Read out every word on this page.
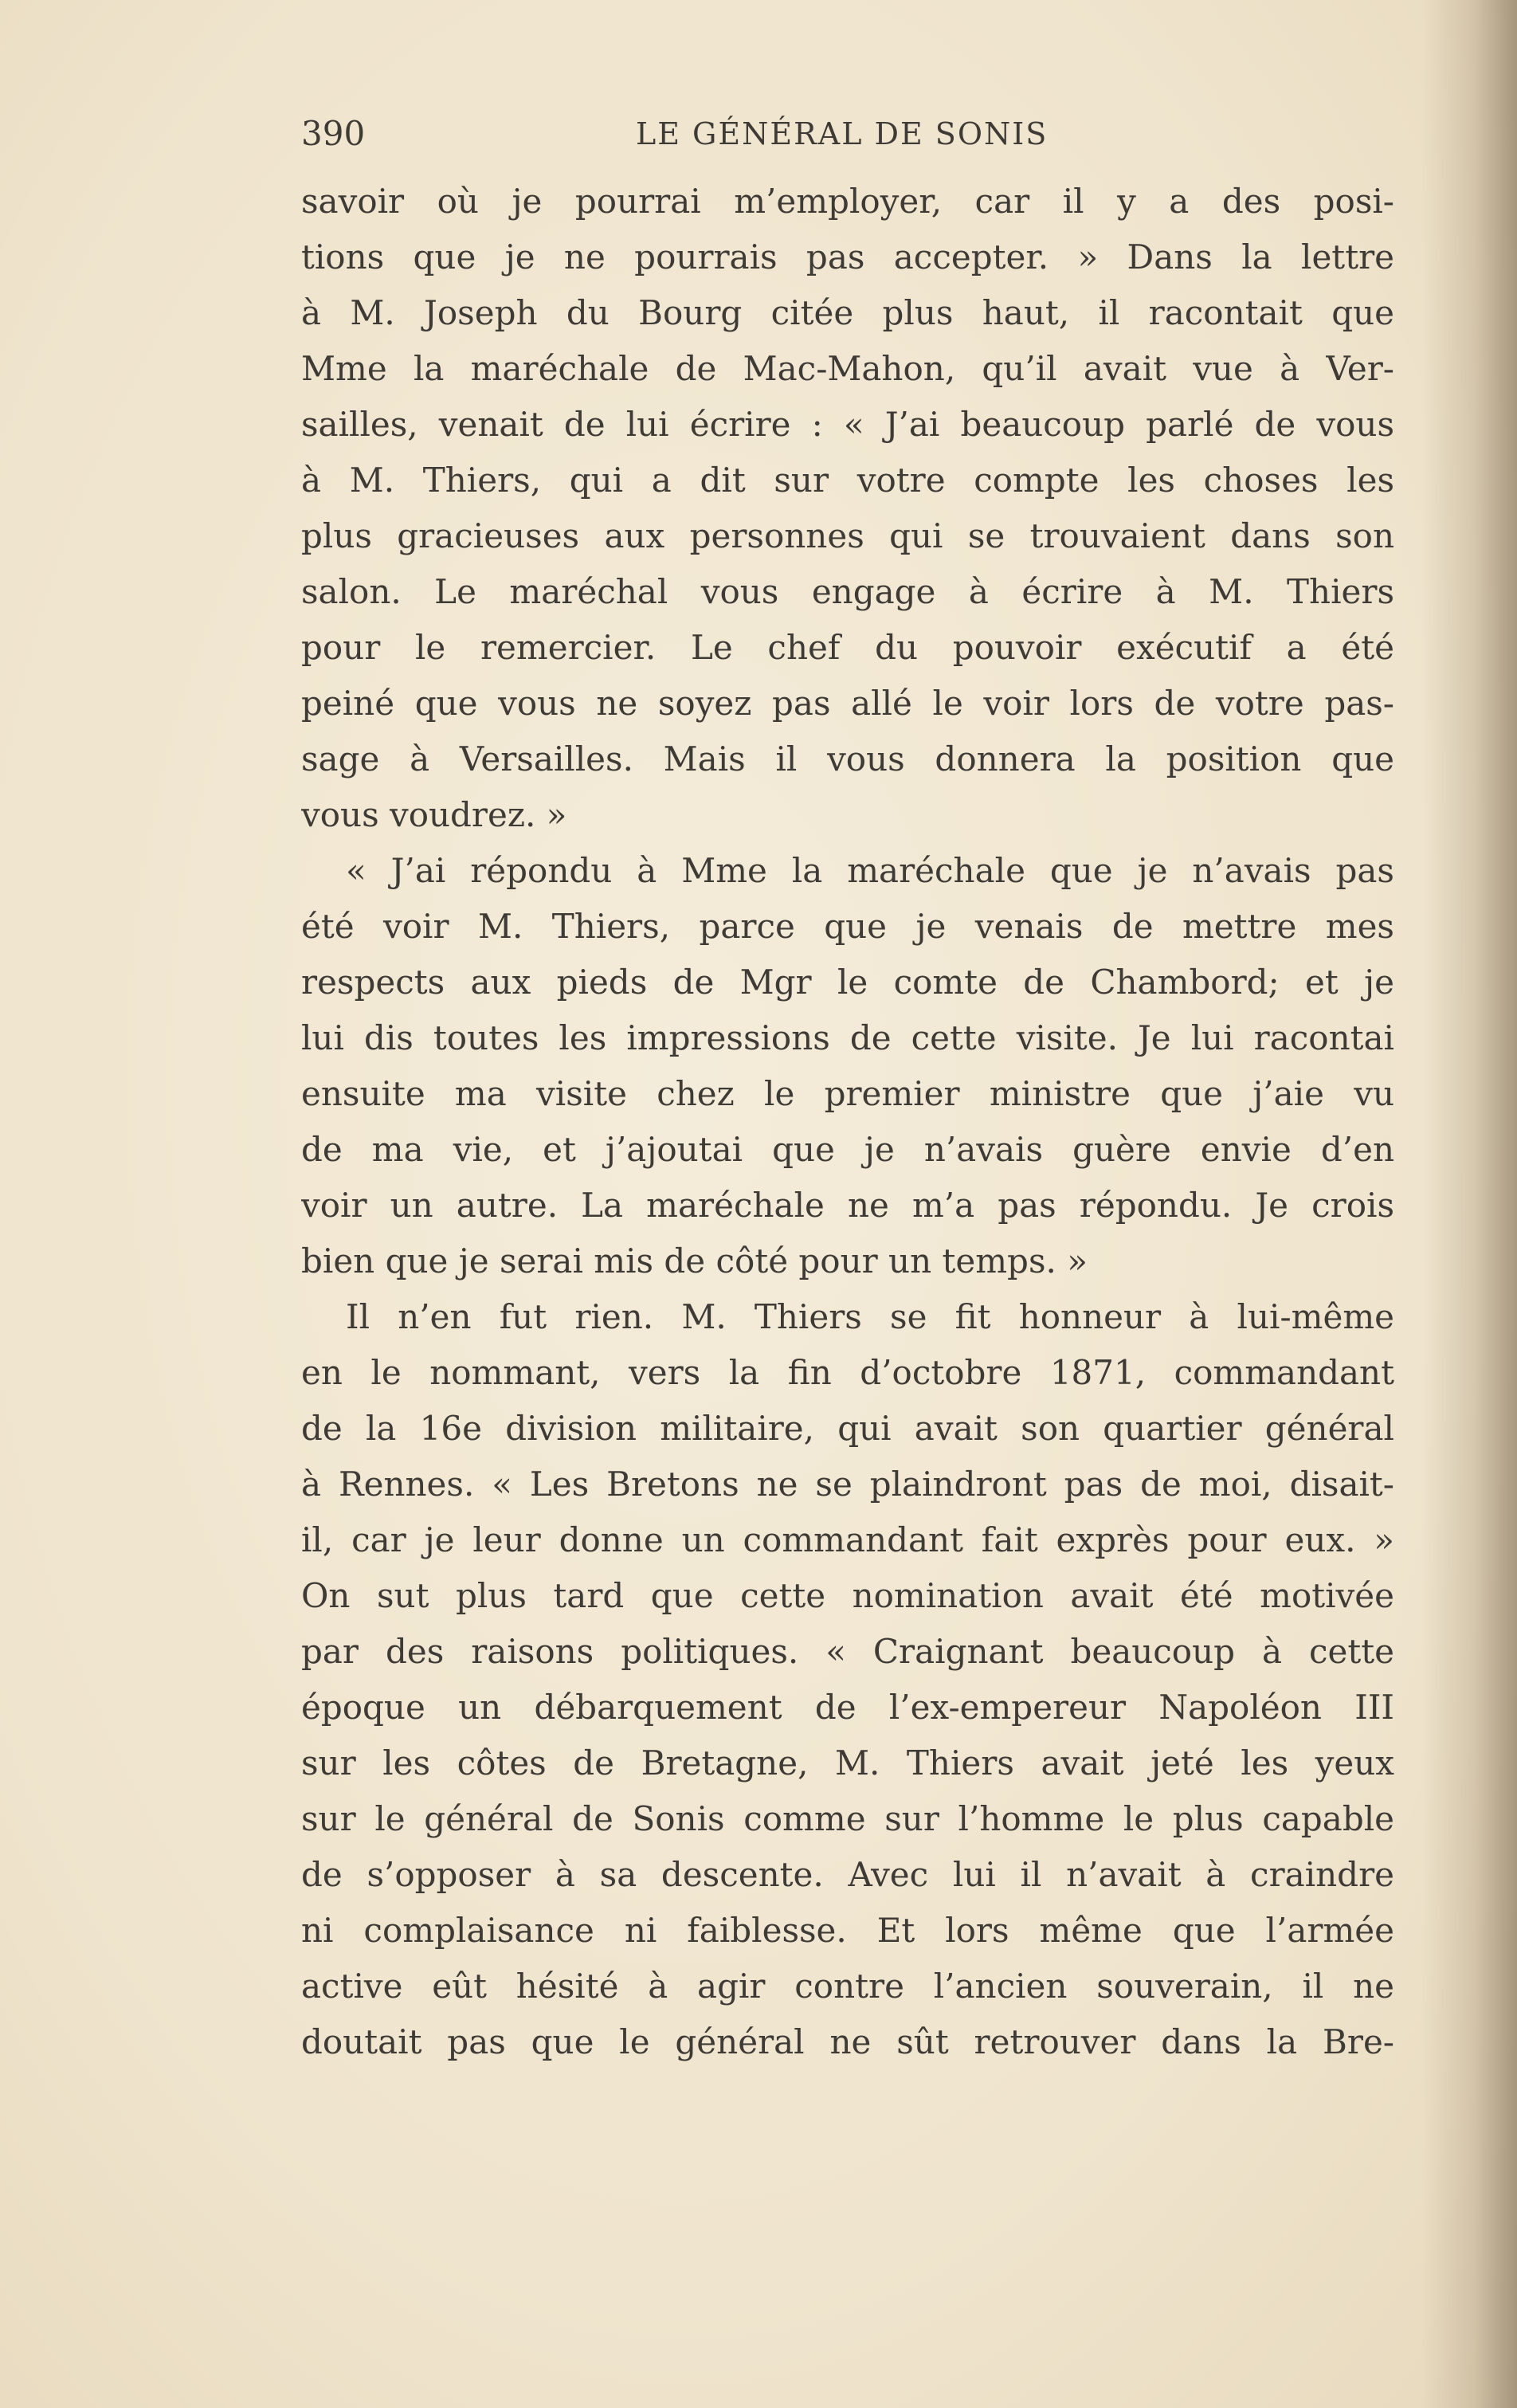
390	LE GÉNÉRAL DE SONIS
savoir où je pourrai m’employer, car il y a des posi-
tions que je ne pourrais pas accepter. » Dans la lettre
à M. Joseph du Bourg citée plus haut, il racontait que
Mme la maréchale de Mac-Mahon, qu’il avait vue à Ver-
sailles, venait de lui écrire : « J’ai beaucoup parlé de vous
à M. Thiers, qui a dit sur votre compte les choses les
plus gracieuses aux personnes qui se trouvaient dans son
salon. Le maréchal vous engage à écrire à M. Thiers
pour le remercier. Le chef du pouvoir exécutif a été
peiné que vous ne soyez pas allé le voir lors de votre pas-
sage à Versailles. Mais il vous donnera la position que
vous voudrez. »
« J’ai répondu à Mme la maréchale que je n’avais pas
été voir M. Thiers, parce que je venais de mettre mes
respects aux pieds de Mgr le comte de Chambord; et je
lui dis toutes les impressions de cette visite. Je lui racontai
ensuite ma visite chez le premier ministre que j’aie vu
de ma vie, et j’ajoutai que je n’avais guère envie d’en
voir un autre. La maréchale ne m’a pas répondu. Je crois
bien que je serai mis de côté pour un temps. »
Il n’en fut rien. M. Thiers se fit honneur à lui-même
en le nommant, vers la fin d’octobre 1871, commandant
de la 16e division militaire, qui avait son quartier général
à Rennes. « Les Bretons ne se plaindront pas de moi, disait-
il, car je leur donne un commandant fait exprès pour eux. »
On sut plus tard que cette nomination avait été motivée
par des raisons politiques. « Craignant beaucoup à cette
époque un débarquement de l’ex-empereur Napoléon III
sur les côtes de Bretagne, M. Thiers avait jeté les yeux
sur le général de Sonis comme sur l’homme le plus capable
de s’opposer à sa descente. Avec lui il n’avait à craindre
ni complaisance ni faiblesse. Et lors même que l’armée
active eût hésité à agir contre l’ancien souverain, il ne
doutait pas que le général ne sût retrouver dans la Bre-
